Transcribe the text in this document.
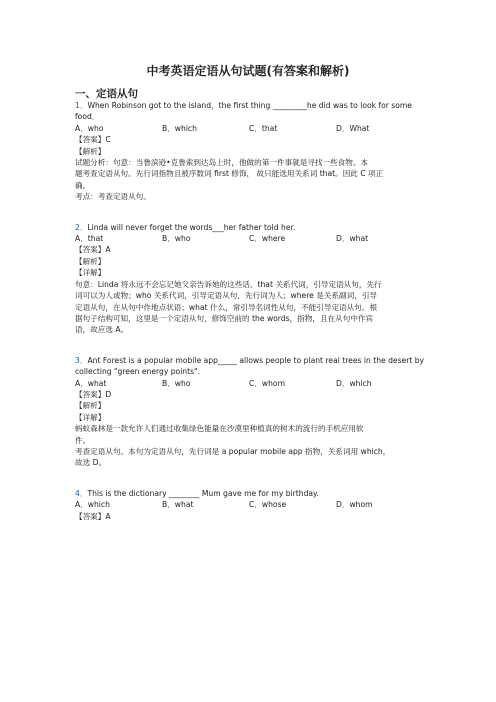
中考英语定语从句试题(有答案和解析)
一、定语从句
1．When Robinson got to the island，the first thing _________he did was to look for some
food．
A．who	B．which	C．that	D．What
【答案】C
【解析】
试题分析：句意：当鲁滨逊•克鲁索到达岛上时，他做的第一件事就是寻找一些食物。本
题考查定语从句。先行词指物且被序数词 first 修饰， 故只能选用关系词 that。因此 C 项正
确。
考点：考查定语从句。
2．Linda will never forget the words___her father told her.
A．that	B．who	C．where	D．what
【答案】A
【解析】
【详解】
句意：Linda 将永远不会忘记她父亲告诉她的这些话。that 关系代词，引导定语从句，先行
词可以为人或物；who 关系代词，引导定语从句，先行词为人；where 是关系副词，引导
定语从句，在从句中作地点状语；what 什么，常引导名词性从句，不能引导定语从句。根
据句子结构可知，这里是一个定语从句，修饰空前的 the words，指物，且在从句中作宾
语，故应选 A。
3．Ant Forest is a popular mobile app_____ allows people to plant real trees in the desert by
collecting "green energy points".
A．what	B．who	C．whom	D．which
【答案】D
【解析】
【详解】
蚂蚁森林是一款允许人们通过收集绿色能量在沙漠里种植真的树木的流行的手机应用软
件。
考查定语从句。本句为定语从句，先行词是 a popular mobile app 指物，关系词用 which，
故选 D。
4．This is the dictionary ________ Mum gave me for my birthday.
A．which	B．what	C．whose	D．whom
【答案】A
